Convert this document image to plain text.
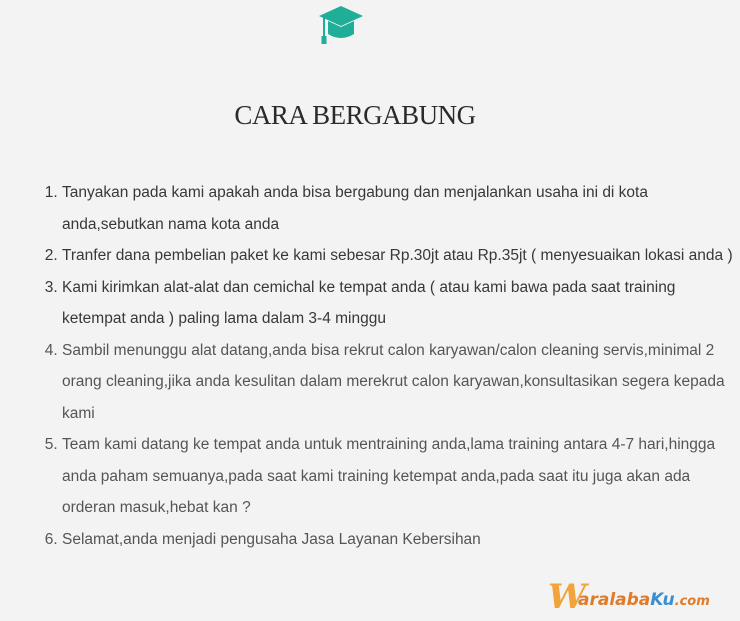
CARA BERGABUNG
1. Tanyakan pada kami apakah anda bisa bergabung dan menjalankan usaha ini di kota anda,sebutkan nama kota anda
2. Tranfer dana pembelian paket ke kami sebesar Rp.30jt atau Rp.35jt ( menyesuaikan lokasi anda )
3. Kami kirimkan alat-alat dan cemichal ke tempat anda ( atau kami bawa pada saat training ketempat anda ) paling lama dalam 3-4 minggu
4. Sambil menunggu alat datang,anda bisa rekrut calon karyawan/calon cleaning servis,minimal 2 orang cleaning,jika anda kesulitan dalam merekrut calon karyawan,konsultasikan segera kepada kami
5. Team kami datang ke tempat anda untuk mentraining anda,lama training antara 4-7 hari,hingga anda paham semuanya,pada saat kami training ketempat anda,pada saat itu juga akan ada orderan masuk,hebat kan ?
6. Selamat,anda menjadi pengusaha Jasa Layanan Kebersihan
W
aralabaKu.com
